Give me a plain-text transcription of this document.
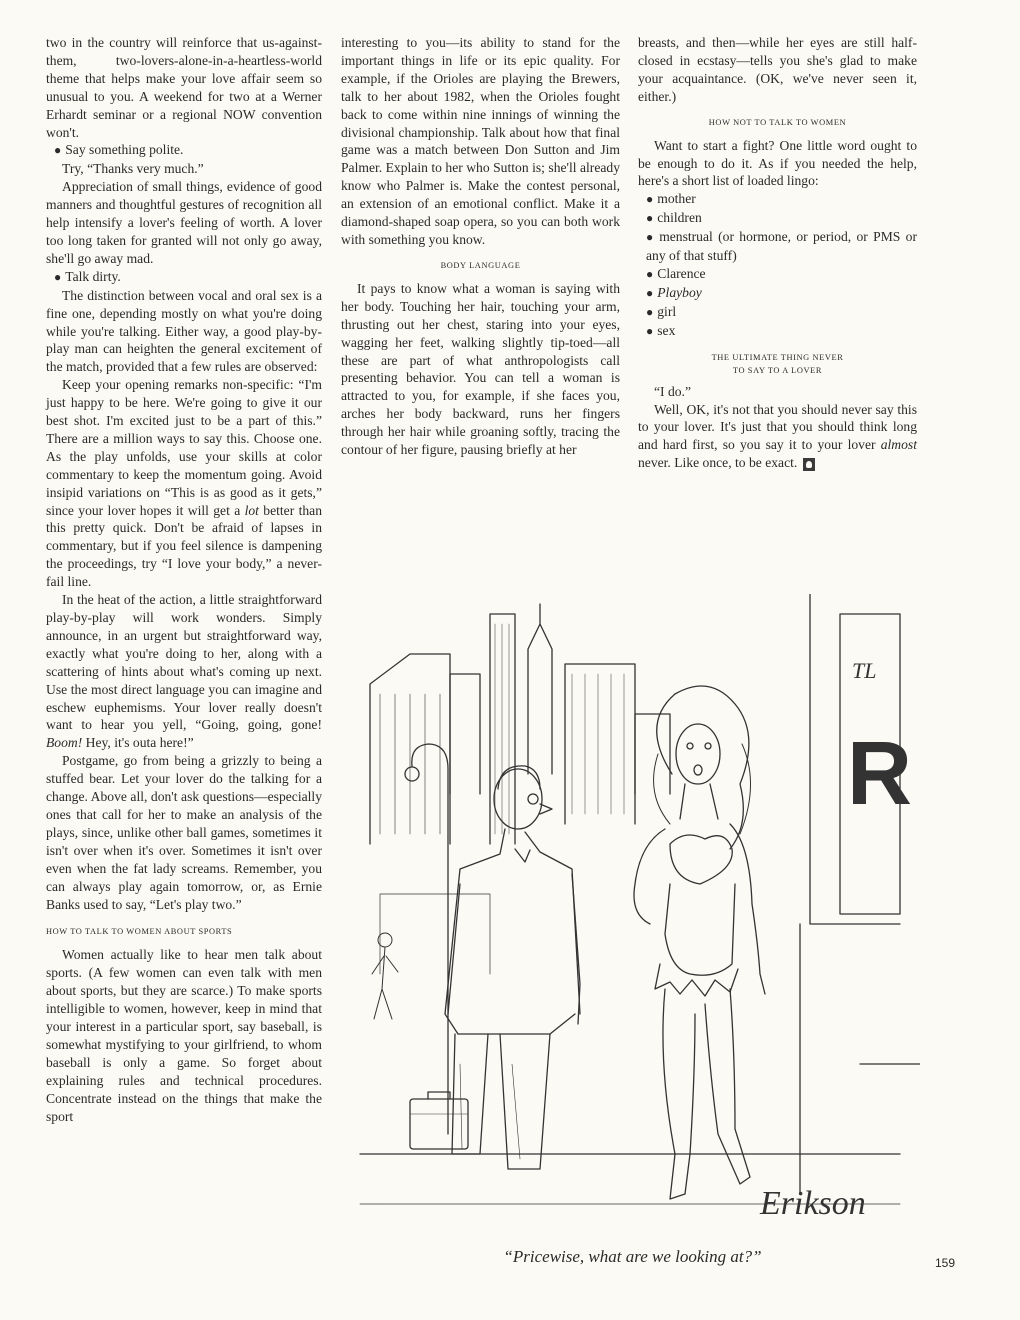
two in the country will reinforce that us-against-them, two-lovers-alone-in-a-heartless-world theme that helps make your love affair seem so unusual to you. A weekend for two at a Werner Erhardt seminar or a regional NOW convention won't.

● Say something polite.

Try, “Thanks very much.”

Appreciation of small things, evidence of good manners and thoughtful gestures of recognition all help intensify a lover's feeling of worth. A lover too long taken for granted will not only go away, she'll go away mad.

● Talk dirty.

The distinction between vocal and oral sex is a fine one, depending mostly on what you're doing while you're talking. Either way, a good play-by-play man can heighten the general excitement of the match, provided that a few rules are observed:

Keep your opening remarks non-specific: “I'm just happy to be here. We're going to give it our best shot. I'm excited just to be a part of this.” There are a million ways to say this. Choose one. As the play unfolds, use your skills at color commentary to keep the momentum going. Avoid insipid variations on “This is as good as it gets,” since your lover hopes it will get a lot better than this pretty quick. Don't be afraid of lapses in commentary, but if you feel silence is dampening the proceedings, try “I love your body,” a never-fail line.

In the heat of the action, a little straightforward play-by-play will work wonders. Simply announce, in an urgent but straightforward way, exactly what you're doing to her, along with a scattering of hints about what's coming up next. Use the most direct language you can imagine and eschew euphemisms. Your lover really doesn't want to hear you yell, “Going, going, gone! Boom! Hey, it's outa here!”

Postgame, go from being a grizzly to being a stuffed bear. Let your lover do the talking for a change. Above all, don't ask questions—especially ones that call for her to make an analysis of the plays, since, unlike other ball games, sometimes it isn't over when it's over. Sometimes it isn't over even when the fat lady screams. Remember, you can always play again tomorrow, or, as Ernie Banks used to say, “Let's play two.”

HOW TO TALK TO WOMEN ABOUT SPORTS

Women actually like to hear men talk about sports. (A few women can even talk with men about sports, but they are scarce.) To make sports intelligible to women, however, keep in mind that your interest in a particular sport, say baseball, is somewhat mystifying to your girlfriend, to whom baseball is only a game. So forget about explaining rules and technical procedures. Concentrate instead on the things that make the sport

interesting to you—its ability to stand for the important things in life or its epic quality. For example, if the Orioles are playing the Brewers, talk to her about 1982, when the Orioles fought back to come within nine innings of winning the divisional championship. Talk about how that final game was a match between Don Sutton and Jim Palmer. Explain to her who Sutton is; she'll already know who Palmer is. Make the contest personal, an extension of an emotional conflict. Make it a diamond-shaped soap opera, so you can both work with something you know.

BODY LANGUAGE

It pays to know what a woman is saying with her body. Touching her hair, touching your arm, thrusting out her chest, staring into your eyes, wagging her feet, walking slightly tip-toed—all these are part of what anthropologists call presenting behavior. You can tell a woman is attracted to you, for example, if she faces you, arches her body backward, runs her fingers through her hair while groaning softly, tracing the contour of her figure, pausing briefly at her

breasts, and then—while her eyes are still half-closed in ecstasy—tells you she's glad to make your acquaintance. (OK, we've never seen it, either.)

HOW NOT TO TALK TO WOMEN

Want to start a fight? One little word ought to be enough to do it. As if you needed the help, here's a short list of loaded lingo:

● mother
● children
● menstrual (or hormone, or period, or PMS or any of that stuff)
● Clarence
● Playboy
● girl
● sex
THE ULTIMATE THING NEVER
TO SAY TO A LOVER

“I do.”

Well, OK, it's not that you should never say this to your lover. It's just that you should think long and hard first, so you say it to your lover almost never. Like once, to be exact.

TL
R
Erikson
“Pricewise, what are we looking at?”	159
